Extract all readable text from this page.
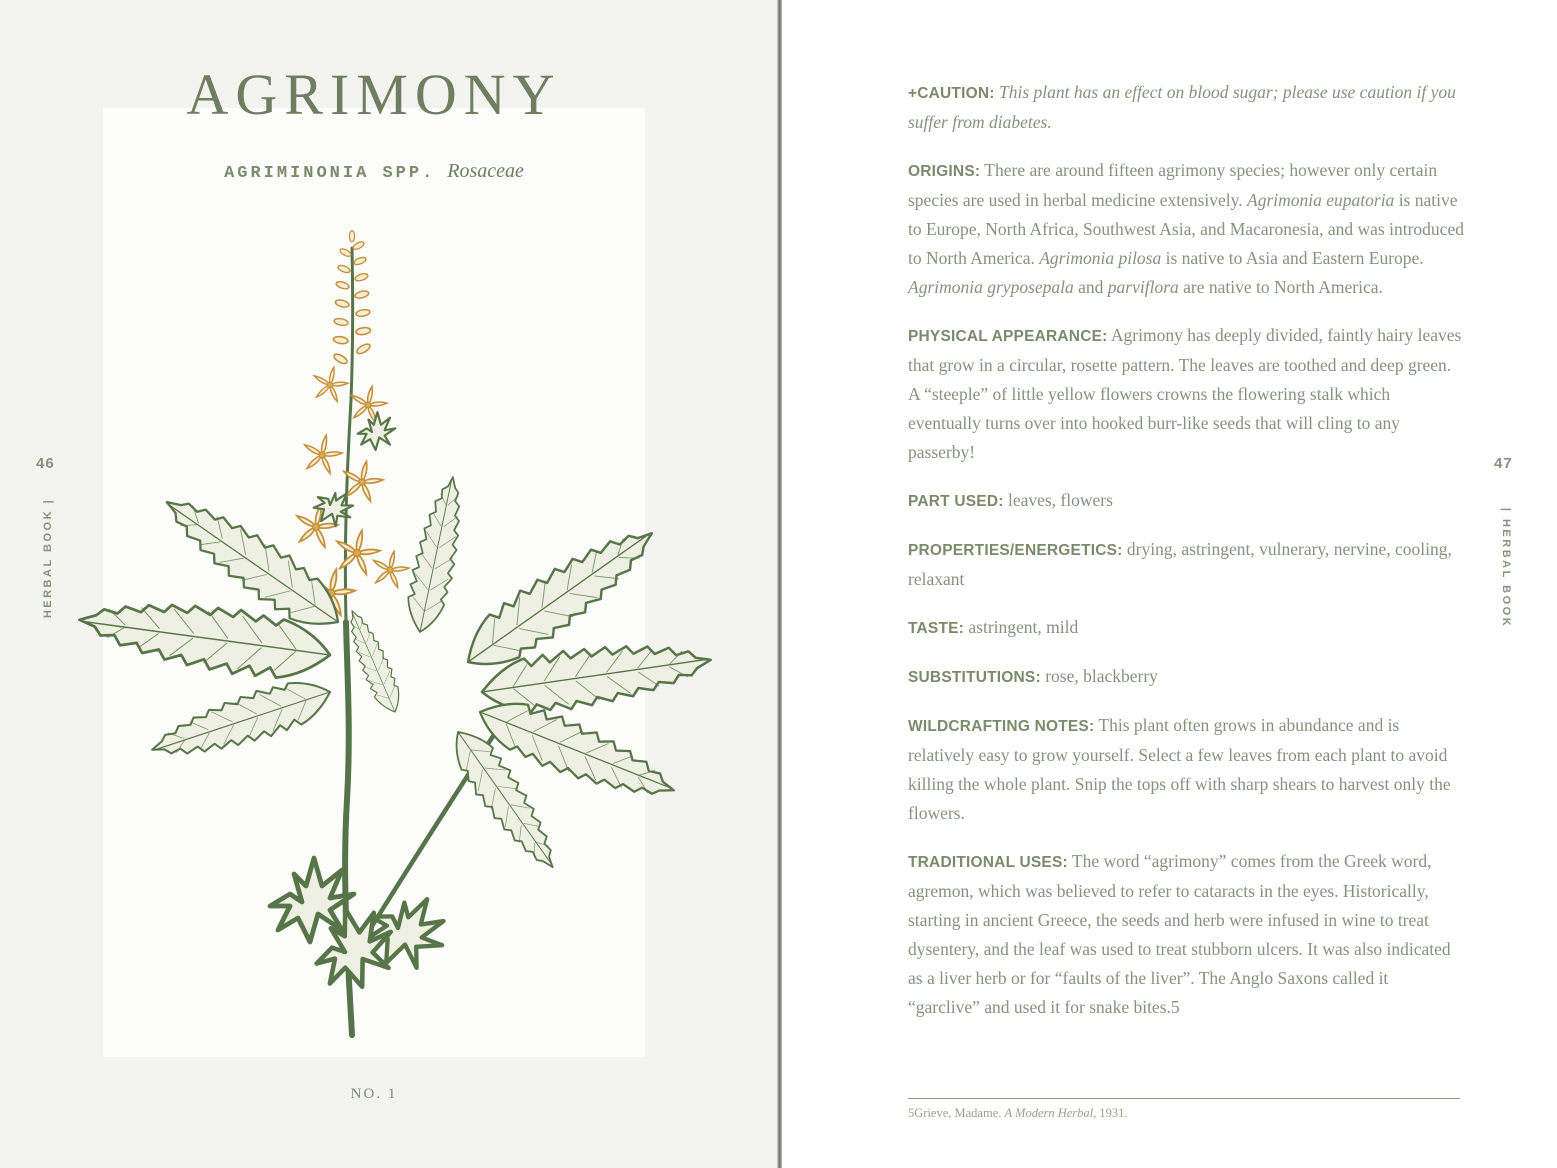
AGRIMONY
AGRIMINONIA SPP. Rosaceae
NO. 1
46
HERBAL BOOK |

+CAUTION: This plant has an effect on blood sugar; please use caution if you suffer from diabetes.

ORIGINS: There are around fifteen agrimony species; however only certain species are used in herbal medicine extensively. Agrimonia eupatoria is native to Europe, North Africa, Southwest Asia, and Macaronesia, and was introduced to North America. Agrimonia pilosa is native to Asia and Eastern Europe. Agrimonia gryposepala and parviflora are native to North America.

PHYSICAL APPEARANCE: Agrimony has deeply divided, faintly hairy leaves that grow in a circular, rosette pattern. The leaves are toothed and deep green. A “steeple” of little yellow flowers crowns the flowering stalk which eventually turns over into hooked burr-like seeds that will cling to any passerby!

PART USED: leaves, flowers

PROPERTIES/ENERGETICS: drying, astringent, vulnerary, nervine, cooling, relaxant

TASTE: astringent, mild

SUBSTITUTIONS: rose, blackberry

WILDCRAFTING NOTES: This plant often grows in abundance and is relatively easy to grow yourself. Select a few leaves from each plant to avoid killing the whole plant. Snip the tops off with sharp shears to harvest only the flowers.

TRADITIONAL USES: The word “agrimony” comes from the Greek word, agremon, which was believed to refer to cataracts in the eyes. Historically, starting in ancient Greece, the seeds and herb were infused in wine to treat dysentery, and the leaf was used to treat stubborn ulcers. It was also indicated as a liver herb or for “faults of the liver”. The Anglo Saxons called it “garclive” and used it for snake bites.5

5Grieve, Madame. A Modern Herbal, 1931.
47
| HERBAL BOOK
